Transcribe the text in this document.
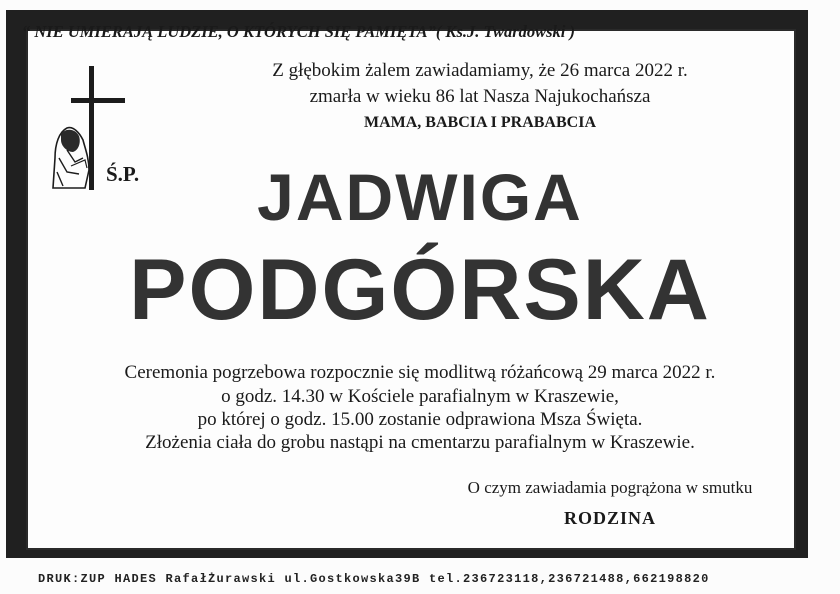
“ NIE UMIERAJĄ LUDZIE, O KTÓRYCH SIĘ PAMIĘTA”( Ks.J. Twardowski )
Z głębokim żalem zawiadamiamy, że 26 marca 2022 r.
zmarła w wieku 86 lat Nasza Najukochańsza
MAMA, BABCIA I PRABABCIA
Ś.P.	JADWIGA
PODGÓRSKA
Ceremonia pogrzebowa rozpocznie się modlitwą różańcową 29 marca 2022 r.
o godz. 14.30 w Kościele parafialnym w Kraszewie,
po której o godz. 15.00 zostanie odprawiona Msza Święta.
Złożenia ciała do grobu nastąpi na cmentarzu parafialnym w Kraszewie.
O czym zawiadamia pogrążona w smutku
RODZINA
DRUK:ZUP HADES RafałŻurawski ul.Gostkowska39B tel.236723118,236721488,662198820
